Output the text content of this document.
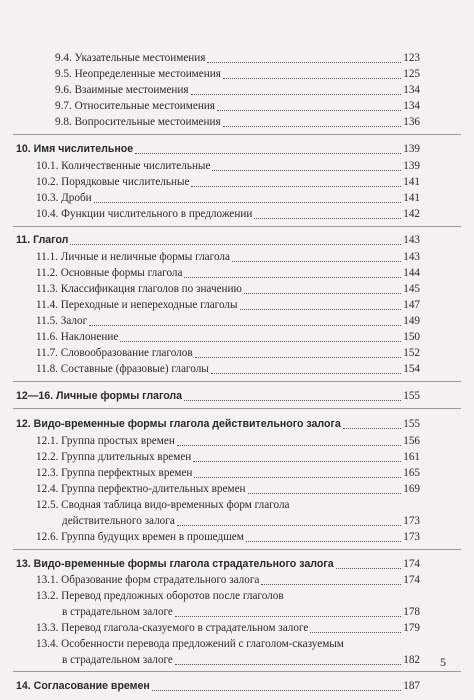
9.4. Указательные местоимения	123
9.5. Неопределенные местоимения	125
9.6. Взаимные местоимения	134
9.7. Относительные местоимения	134
9.8. Вопросительные местоимения	136
10. Имя числительное	139
10.1. Количественные числительные	139
10.2. Порядковые числительные	141
10.3. Дроби	141
10.4. Функции числительного в предложении	142
11. Глагол	143
11.1. Личные и неличные формы глагола	143
11.2. Основные формы глагола	144
11.3. Классификация глаголов по значению	145
11.4. Переходные и непереходные глаголы	147
11.5. Залог	149
11.6. Наклонение	150
11.7. Словообразование глаголов	152
11.8. Составные (фразовые) глаголы	154
12—16. Личные формы глагола	155
12. Видо-временные формы глагола действительного залога	155
12.1. Группа простых времен	156
12.2. Группа длительных времен	161
12.3. Группа перфектных времен	165
12.4. Группа перфектно-длительных времен	169
12.5. Сводная таблица видо-временных форм глагола
действительного залога	173
12.6. Группа будущих времен в прошедшем	173
13. Видо-временные формы глагола страдательного залога	174
13.1. Образование форм страдательного залога	174
13.2. Перевод предложных оборотов после глаголов
в страдательном залоге	178
13.3. Перевод глагола-сказуемого в страдательном залоге	179
13.4. Особенности перевода предложений с глаголом-сказуемым
в страдательном залоге	182
14. Согласование времен	187
5
